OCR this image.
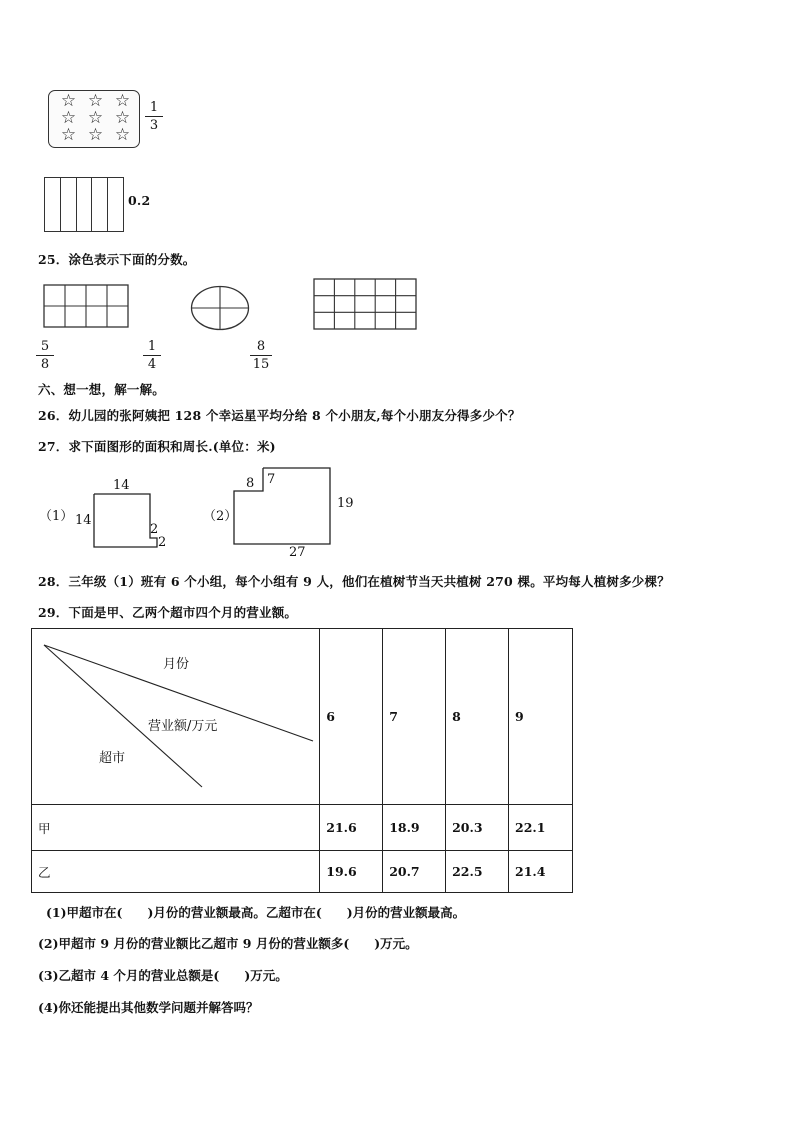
☆ ☆ ☆
☆ ☆ ☆
☆ ☆ ☆
1
3
0.2
25．涂色表示下面的分数。
5
8
1
4
8
15
六、想一想，解一解。
26．幼儿园的张阿姨把 128 个幸运星平均分给 8 个小朋友,每个小朋友分得多少个？
27．求下面图形的面积和周长.(单位：米)
（1）
14
14
2
2
（2）
8 7
19
27
28．三年级（1）班有 6 个小组，每个小组有 9 人，他们在植树节当天共植树 270 棵。平均每人植树多少棵？
29．下面是甲、乙两个超市四个月的营业额。
月份
营业额/万元
超市	6	7	8	9
甲	21.6	18.9	20.3	22.1
乙	19.6	20.7	22.5	21.4
(1)甲超市在(　　)月份的营业额最高。乙超市在(　　)月份的营业额最高。
(2)甲超市 9 月份的营业额比乙超市 9 月份的营业额多(　　)万元。
(3)乙超市 4 个月的营业总额是(　　)万元。
(4)你还能提出其他数学问题并解答吗？
